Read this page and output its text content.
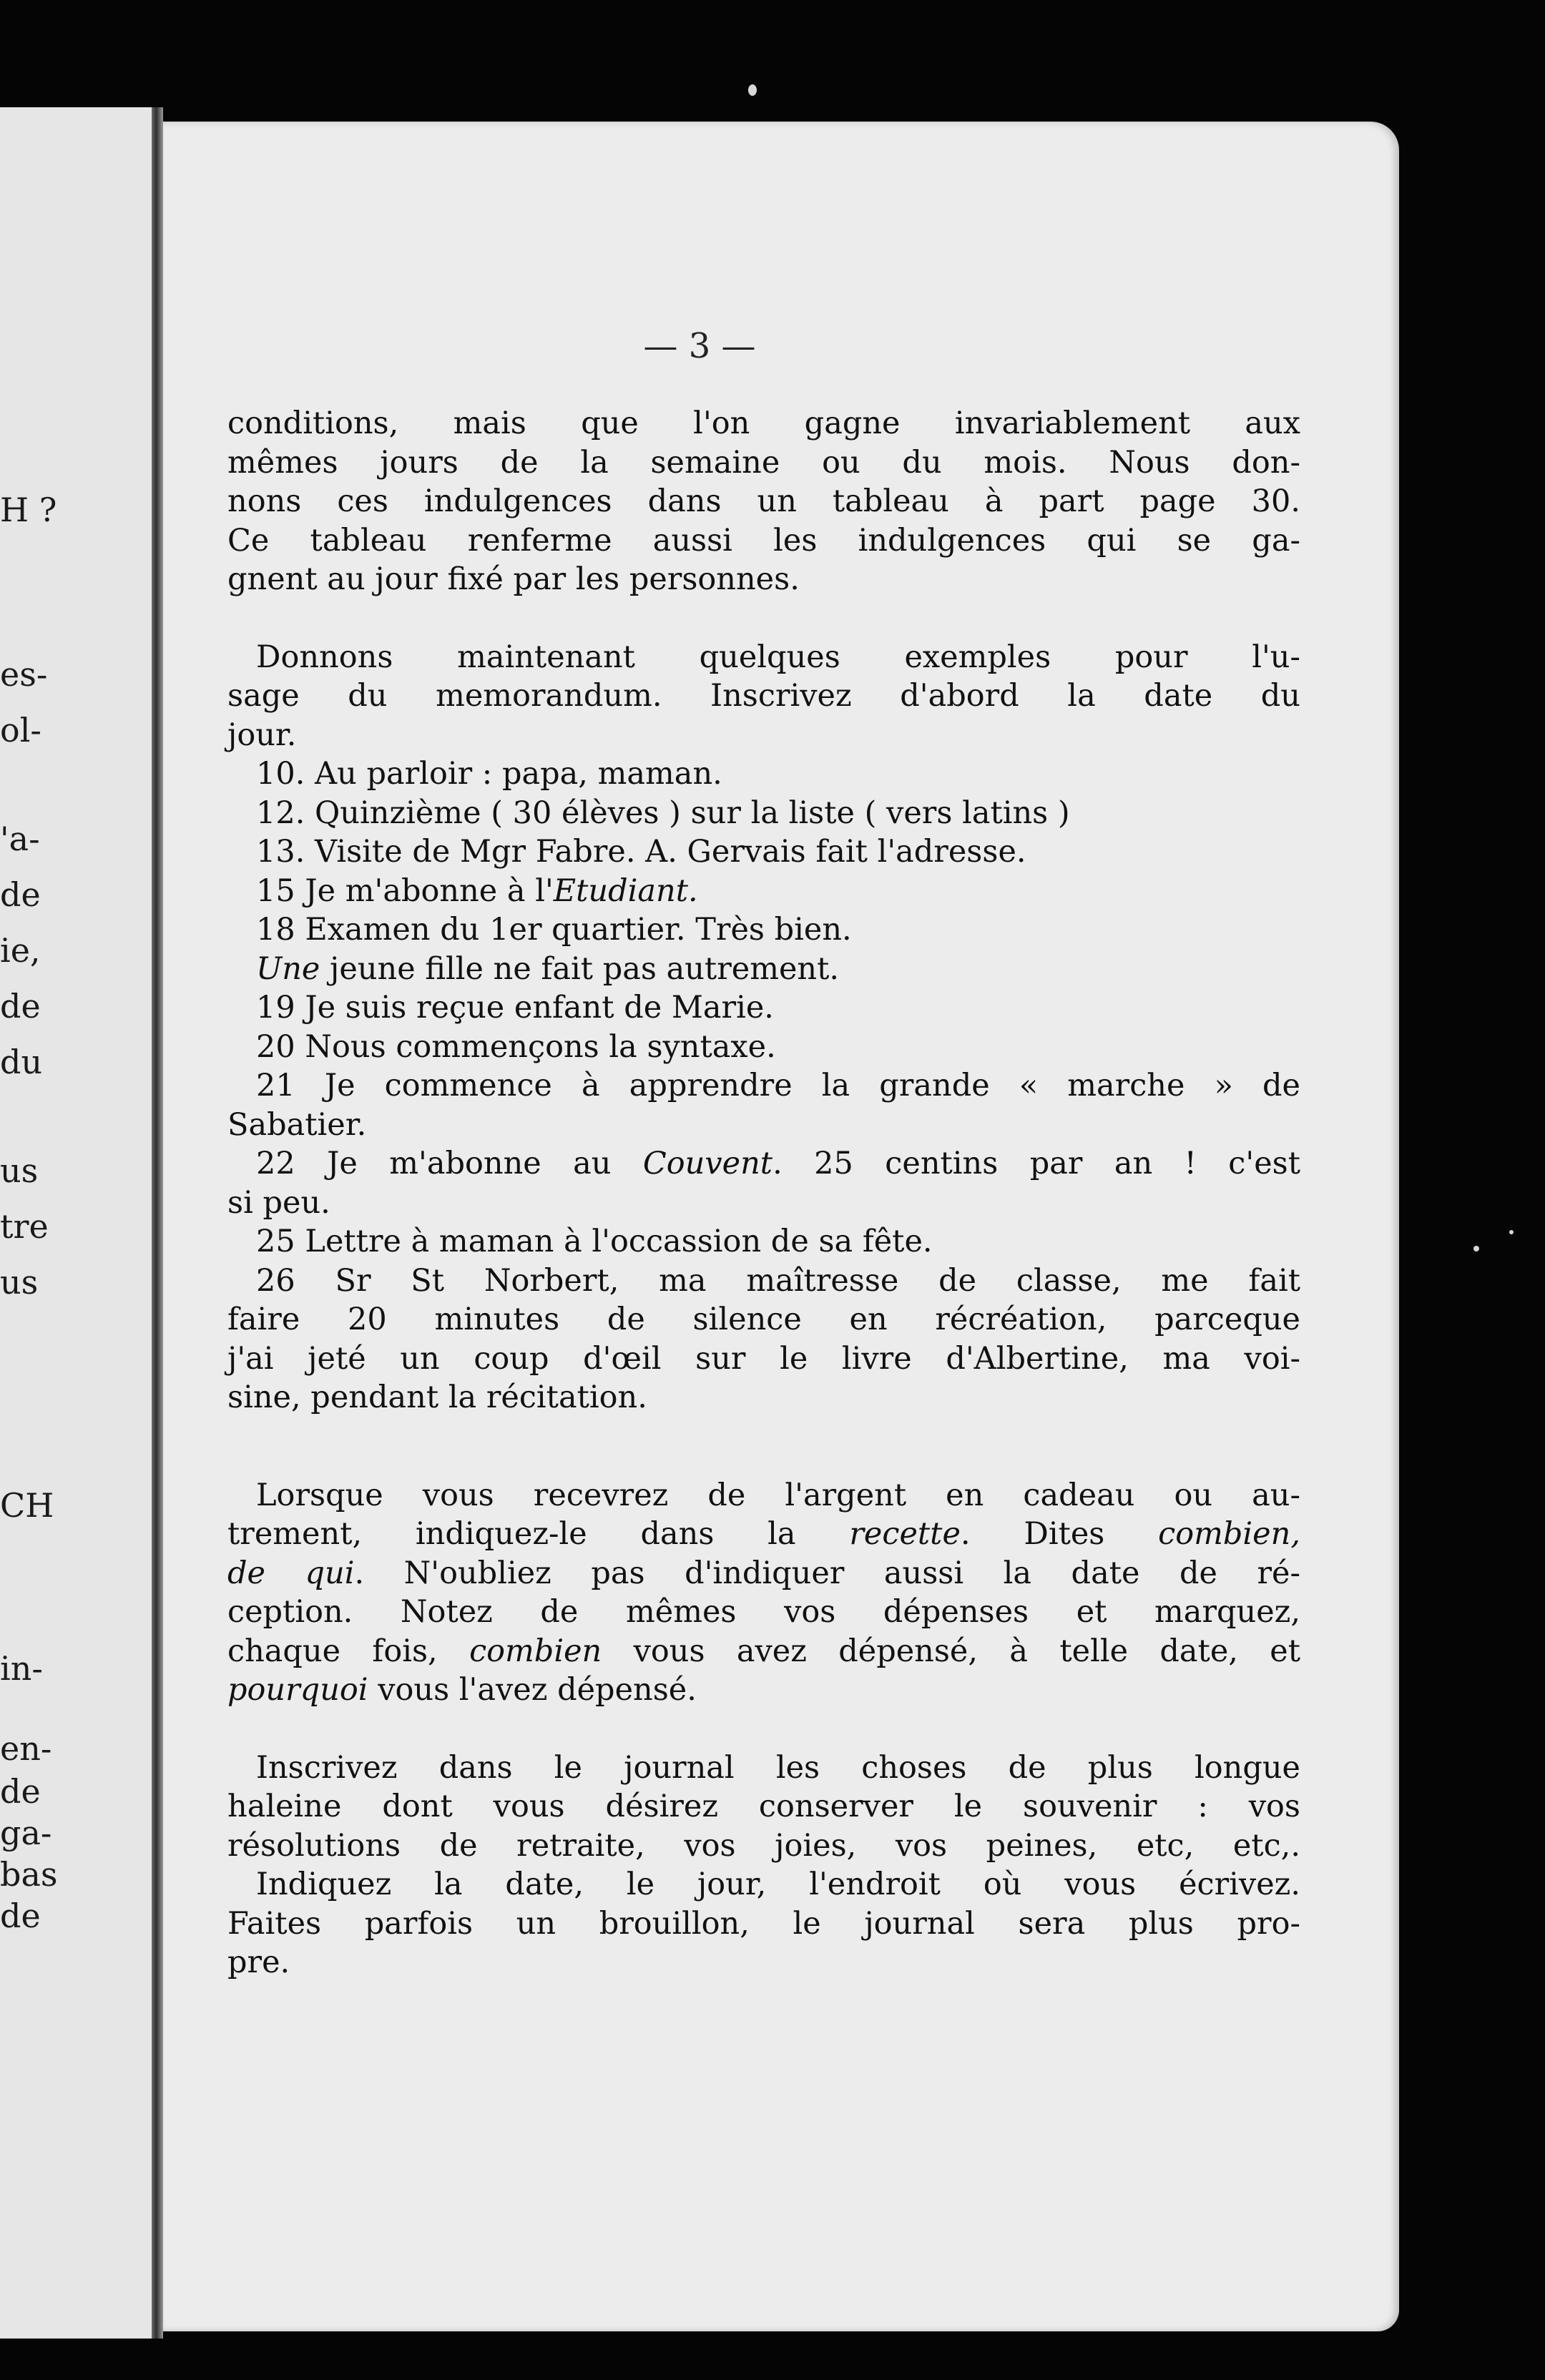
H ?
es-
ol-
'a-
de
ie,
de
du
us
tre
us
CH
in-
en-
de
ga-
bas
de
— 3 —

conditions, mais que l'on gagne invariablement aux

mêmes jours de la semaine ou du mois. Nous don-

nons ces indulgences dans un tableau à part page 30.

Ce tableau renferme aussi les indulgences qui se ga-

gnent au jour fixé par les personnes.

Donnons maintenant quelques exemples pour l'u-

sage du memorandum. Inscrivez d'abord la date du

jour.

10. Au parloir : papa, maman.

12. Quinzième ( 30 élèves ) sur la liste ( vers latins )

13. Visite de Mgr Fabre. A. Gervais fait l'adresse.

15 Je m'abonne à l'Etudiant.

18 Examen du 1er quartier. Très bien.

Une jeune fille ne fait pas autrement.

19 Je suis reçue enfant de Marie.

20 Nous commençons la syntaxe.

21 Je commence à apprendre la grande « marche » de

Sabatier.

22 Je m'abonne au Couvent. 25 centins par an ! c'est

si peu.

25 Lettre à maman à l'occassion de sa fête.

26 Sr St Norbert, ma maîtresse de classe, me fait

faire 20 minutes de silence en récréation, parceque

j'ai jeté un coup d'œil sur le livre d'Albertine, ma voi-

sine, pendant la récitation.

Lorsque vous recevrez de l'argent en cadeau ou au-

trement, indiquez-le dans la recette. Dites combien,

de qui. N'oubliez pas d'indiquer aussi la date de ré-

ception. Notez de mêmes vos dépenses et marquez,

chaque fois, combien vous avez dépensé, à telle date, et

pourquoi vous l'avez dépensé.

Inscrivez dans le journal les choses de plus longue

haleine dont vous désirez conserver le souvenir : vos

résolutions de retraite, vos joies, vos peines, etc, etc,.

Indiquez la date, le jour, l'endroit où vous écrivez.

Faites parfois un brouillon, le journal sera plus pro-

pre.
